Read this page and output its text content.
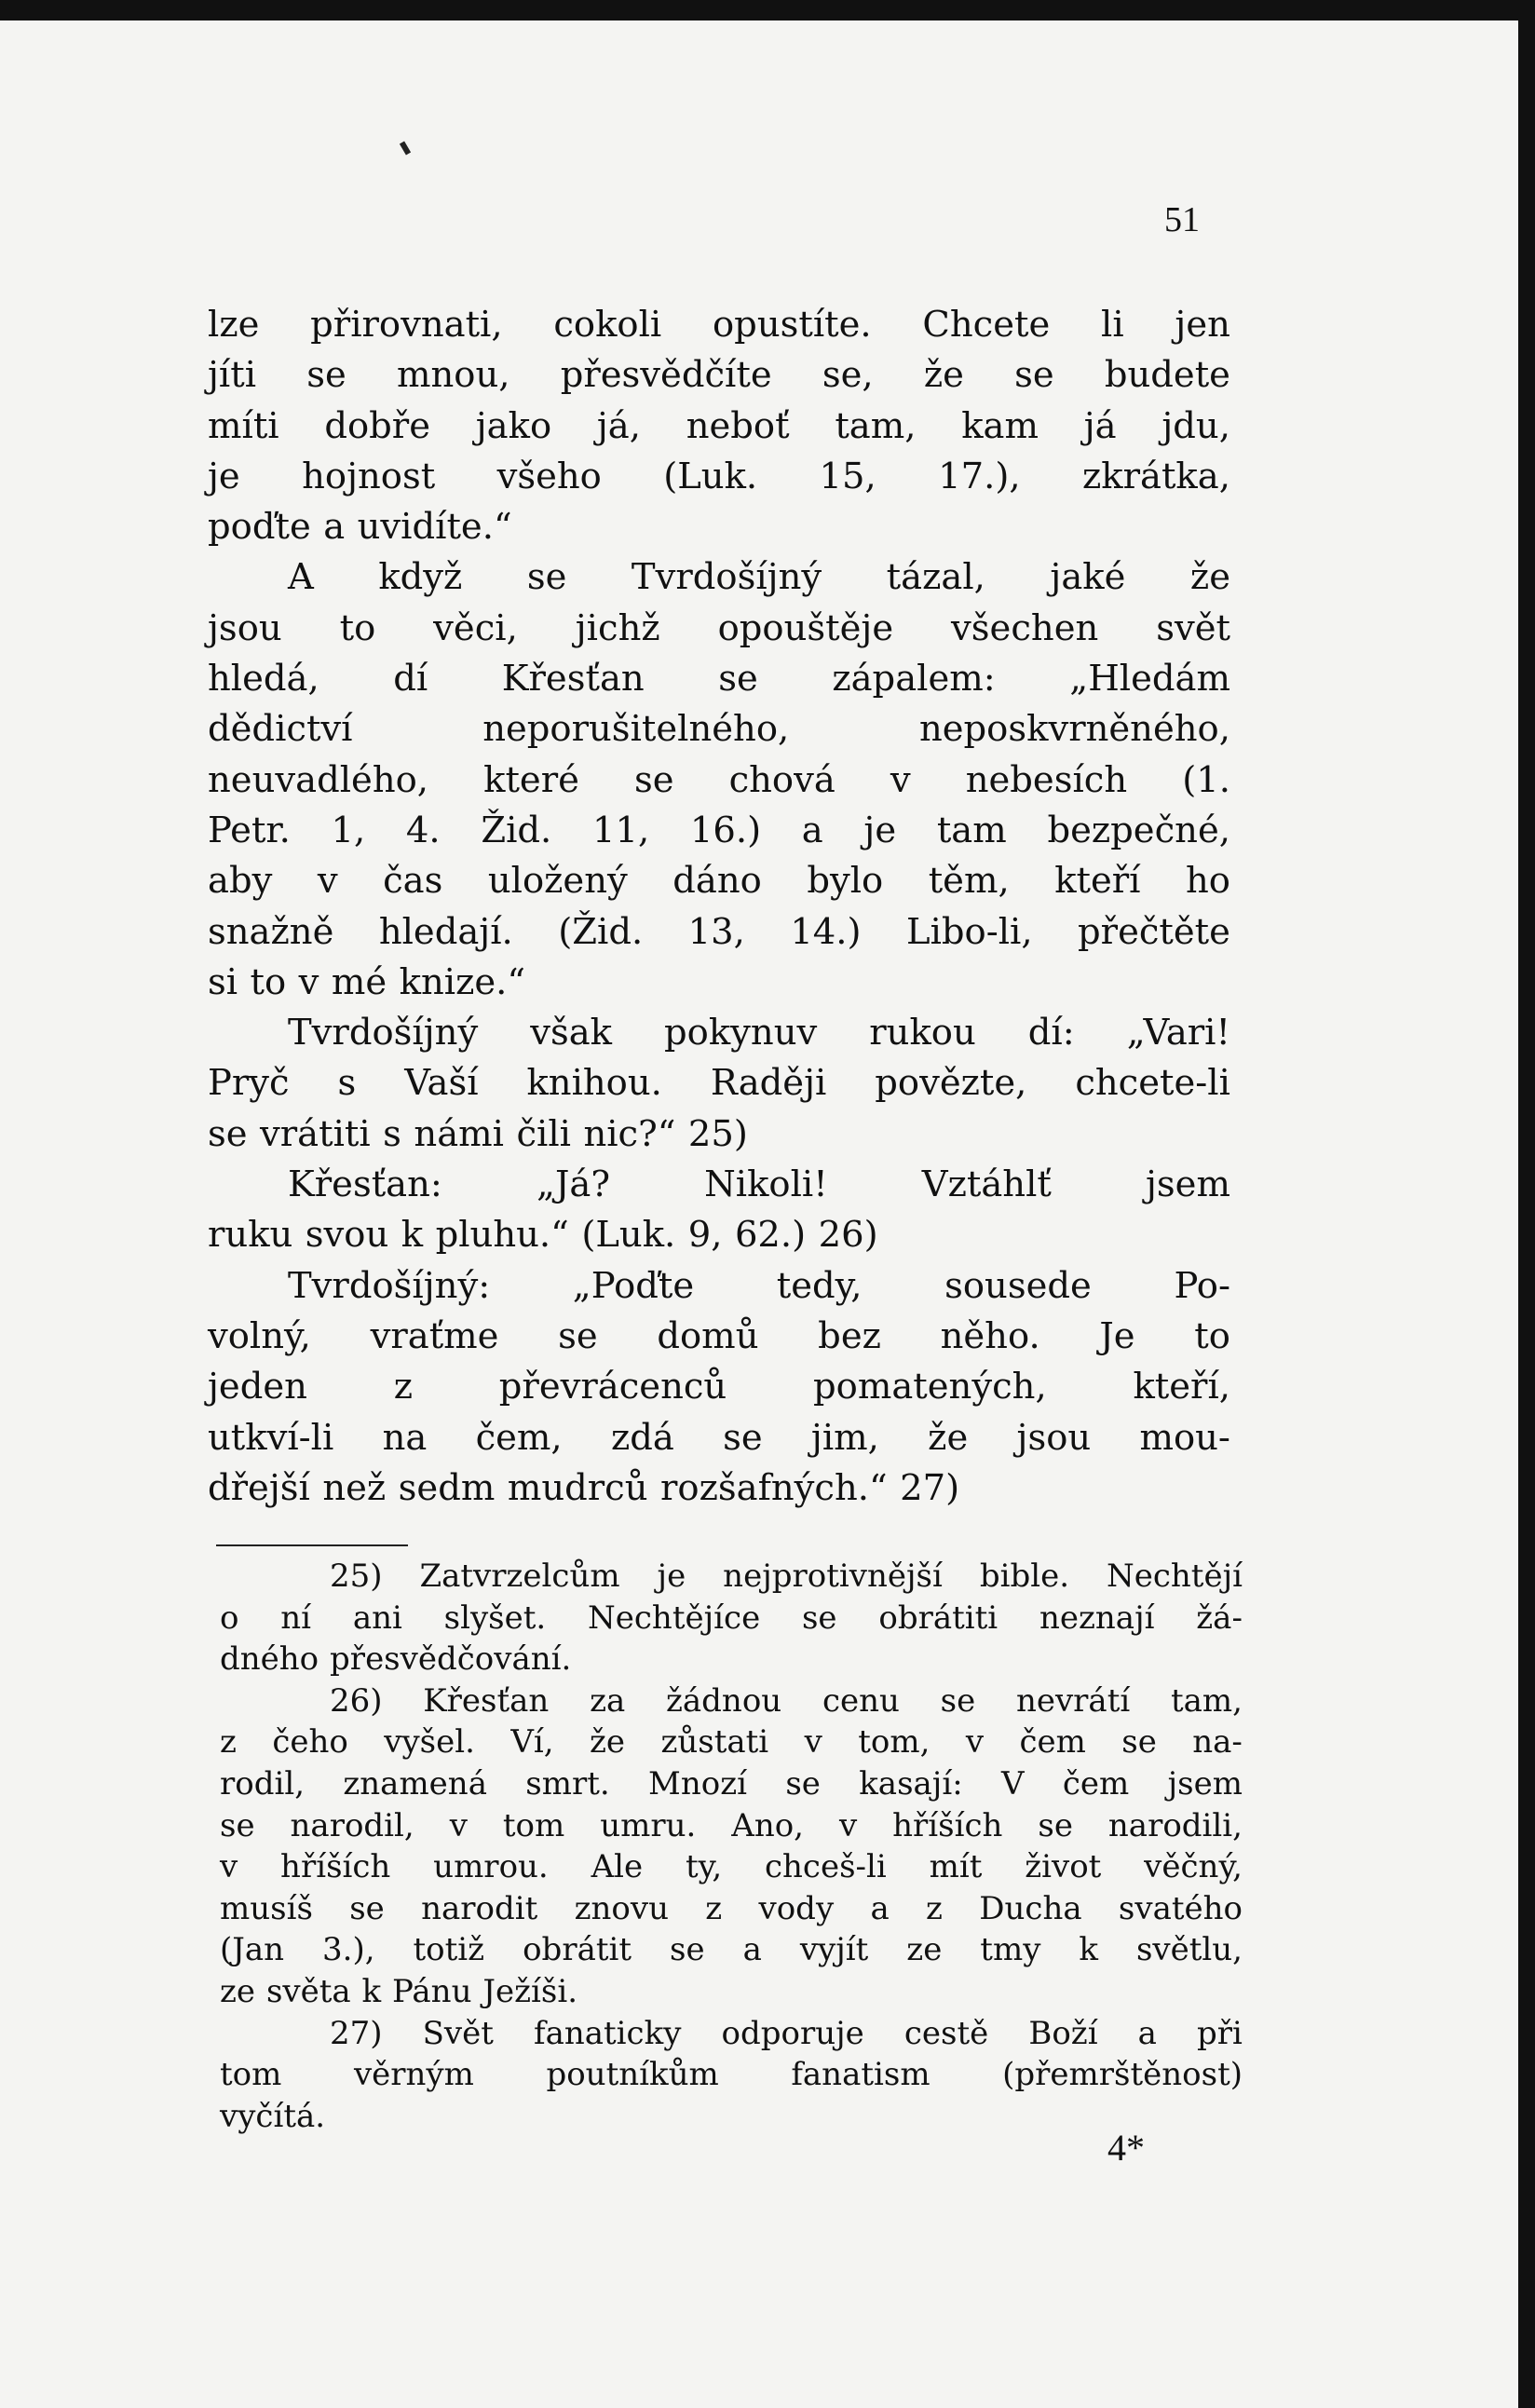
51
lze přirovnati, cokoli opustíte. Chcete li jen
jíti se mnou, přesvědčíte se, že se budete
míti dobře jako já, neboť tam, kam já jdu,
je hojnost všeho (Luk. 15, 17.), zkrátka,
poďte a uvidíte.“
A když se Tvrdošíjný tázal, jaké že
jsou to věci, jichž opouštěje všechen svět
hledá, dí Křesťan se zápalem: „Hledám
dědictví	neporušitelného,	neposkvrněného,
neuvadlého, které se chová v nebesích (1.
Petr. 1, 4. Žid. 11, 16.) a je tam bezpečné,
aby v čas uložený dáno bylo těm, kteří ho
snažně hledají. (Žid. 13, 14.) Libo-li, přečtěte
si to v mé knize.“
Tvrdošíjný však pokynuv rukou dí: „Vari!
Pryč s Vaší knihou. Raději povězte, chcete-li
se vrátiti s námi čili nic?“ 25)
Křesťan:	„Já?	Nikoli!	Vztáhlť	jsem
ruku svou k pluhu.“ (Luk. 9, 62.) 26)
Tvrdošíjný: „Poďte tedy, sousede Po-
volný, vraťme se domů bez něho. Je to
jeden z převrácenců pomatených, kteří,
utkví-li na čem, zdá se jim, že jsou mou-
dřejší než sedm mudrců rozšafných.“ 27)
25) Zatvrzelcům je nejprotivnější bible. Nechtějí
o ní ani slyšet. Nechtějíce se obrátiti neznají žá-
dného přesvědčování.
26) Křesťan za žádnou cenu se nevrátí tam,
z čeho vyšel. Ví, že zůstati v tom, v čem se na-
rodil, znamená smrt. Mnozí se kasají: V čem jsem
se narodil, v tom umru. Ano, v hříších se narodili,
v hříších umrou. Ale ty, chceš-li mít život věčný,
musíš se narodit znovu z vody a z Ducha svatého
(Jan 3.), totiž obrátit se a vyjít ze tmy k světlu,
ze světa k Pánu Ježíši.
27) Svět fanaticky odporuje cestě Boží a při
tom věrným poutníkům fanatism (přemrštěnost)
vyčítá.
4*
